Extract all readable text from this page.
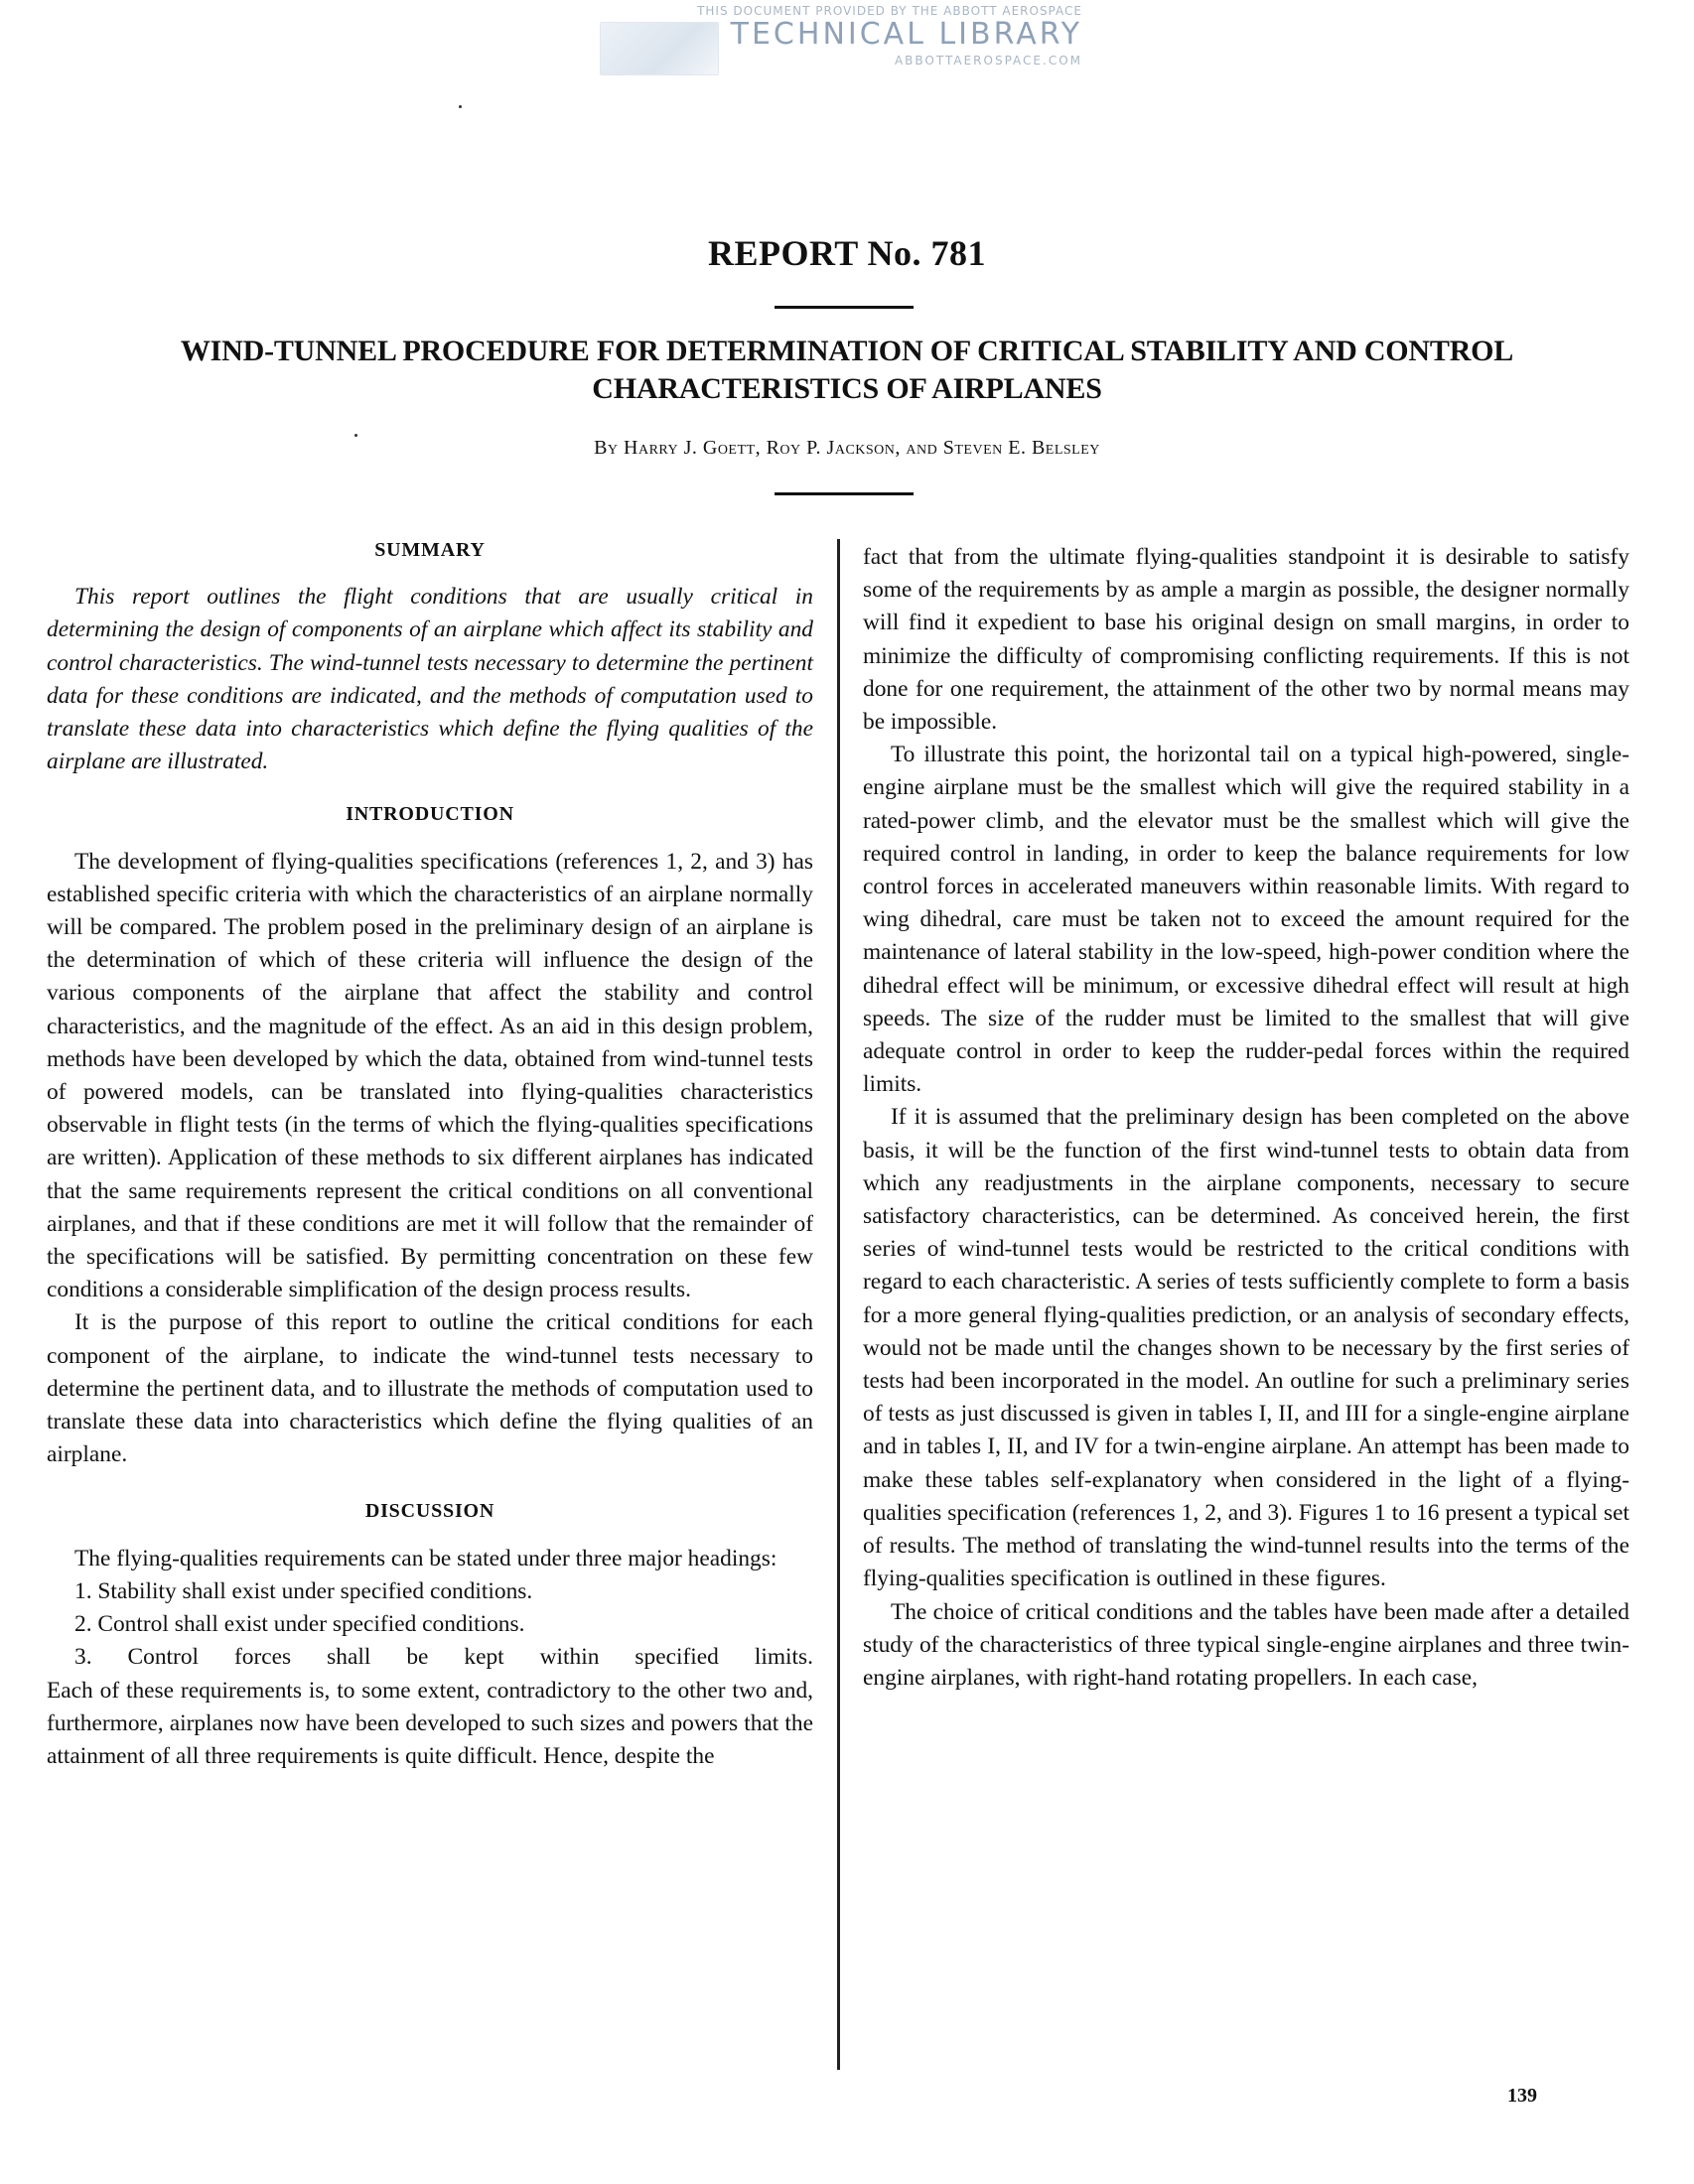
THIS DOCUMENT PROVIDED BY THE ABBOTT AEROSPACE
TECHNICAL LIBRARY
ABBOTTAEROSPACE.COM
REPORT No. 781
WIND-TUNNEL PROCEDURE FOR DETERMINATION OF CRITICAL STABILITY AND CONTROL
CHARACTERISTICS OF AIRPLANES
By Harry J. Goett, Roy P. Jackson, and Steven E. Belsley
SUMMARY

This report outlines the flight conditions that are usually critical in determining the design of components of an airplane which affect its stability and control characteristics. The wind-tunnel tests necessary to determine the pertinent data for these conditions are indicated, and the methods of computation used to translate these data into characteristics which define the flying qualities of the airplane are illustrated.

INTRODUCTION

The development of flying-qualities specifications (references 1, 2, and 3) has established specific criteria with which the characteristics of an airplane normally will be compared. The problem posed in the preliminary design of an airplane is the determination of which of these criteria will influence the design of the various components of the airplane that affect the stability and control characteristics, and the magnitude of the effect. As an aid in this design problem, methods have been developed by which the data, obtained from wind-tunnel tests of powered models, can be translated into flying-qualities characteristics observable in flight tests (in the terms of which the flying-qualities specifications are written). Application of these methods to six different airplanes has indicated that the same requirements represent the critical conditions on all conventional airplanes, and that if these conditions are met it will follow that the remainder of the specifications will be satisfied. By permitting concentration on these few conditions a considerable simplification of the design process results.

It is the purpose of this report to outline the critical conditions for each component of the airplane, to indicate the wind-tunnel tests necessary to determine the pertinent data, and to illustrate the methods of computation used to translate these data into characteristics which define the flying qualities of an airplane.

DISCUSSION

The flying-qualities requirements can be stated under three major headings:

1. Stability shall exist under specified conditions.
2. Control shall exist under specified conditions.
3. Control forces shall be kept within specified limits.

Each of these requirements is, to some extent, contradictory to the other two and, furthermore, airplanes now have been developed to such sizes and powers that the attainment of all three requirements is quite difficult. Hence, despite the

fact that from the ultimate flying-qualities standpoint it is desirable to satisfy some of the requirements by as ample a margin as possible, the designer normally will find it expedient to base his original design on small margins, in order to minimize the difficulty of compromising conflicting requirements. If this is not done for one requirement, the attainment of the other two by normal means may be impossible.

To illustrate this point, the horizontal tail on a typical high-powered, single-engine airplane must be the smallest which will give the required stability in a rated-power climb, and the elevator must be the smallest which will give the required control in landing, in order to keep the balance requirements for low control forces in accelerated maneuvers within reasonable limits. With regard to wing dihedral, care must be taken not to exceed the amount required for the maintenance of lateral stability in the low-speed, high-power condition where the dihedral effect will be minimum, or excessive dihedral effect will result at high speeds. The size of the rudder must be limited to the smallest that will give adequate control in order to keep the rudder-pedal forces within the required limits.

If it is assumed that the preliminary design has been completed on the above basis, it will be the function of the first wind-tunnel tests to obtain data from which any readjustments in the airplane components, necessary to secure satisfactory characteristics, can be determined. As conceived herein, the first series of wind-tunnel tests would be restricted to the critical conditions with regard to each characteristic. A series of tests sufficiently complete to form a basis for a more general flying-qualities prediction, or an analysis of secondary effects, would not be made until the changes shown to be necessary by the first series of tests had been incorporated in the model. An outline for such a preliminary series of tests as just discussed is given in tables I, II, and III for a single-engine airplane and in tables I, II, and IV for a twin-engine airplane. An attempt has been made to make these tables self-explanatory when considered in the light of a flying-qualities specification (references 1, 2, and 3). Figures 1 to 16 present a typical set of results. The method of translating the wind-tunnel results into the terms of the flying-qualities specification is outlined in these figures.

The choice of critical conditions and the tables have been made after a detailed study of the characteristics of three typical single-engine airplanes and three twin-engine airplanes, with right-hand rotating propellers. In each case,

139
